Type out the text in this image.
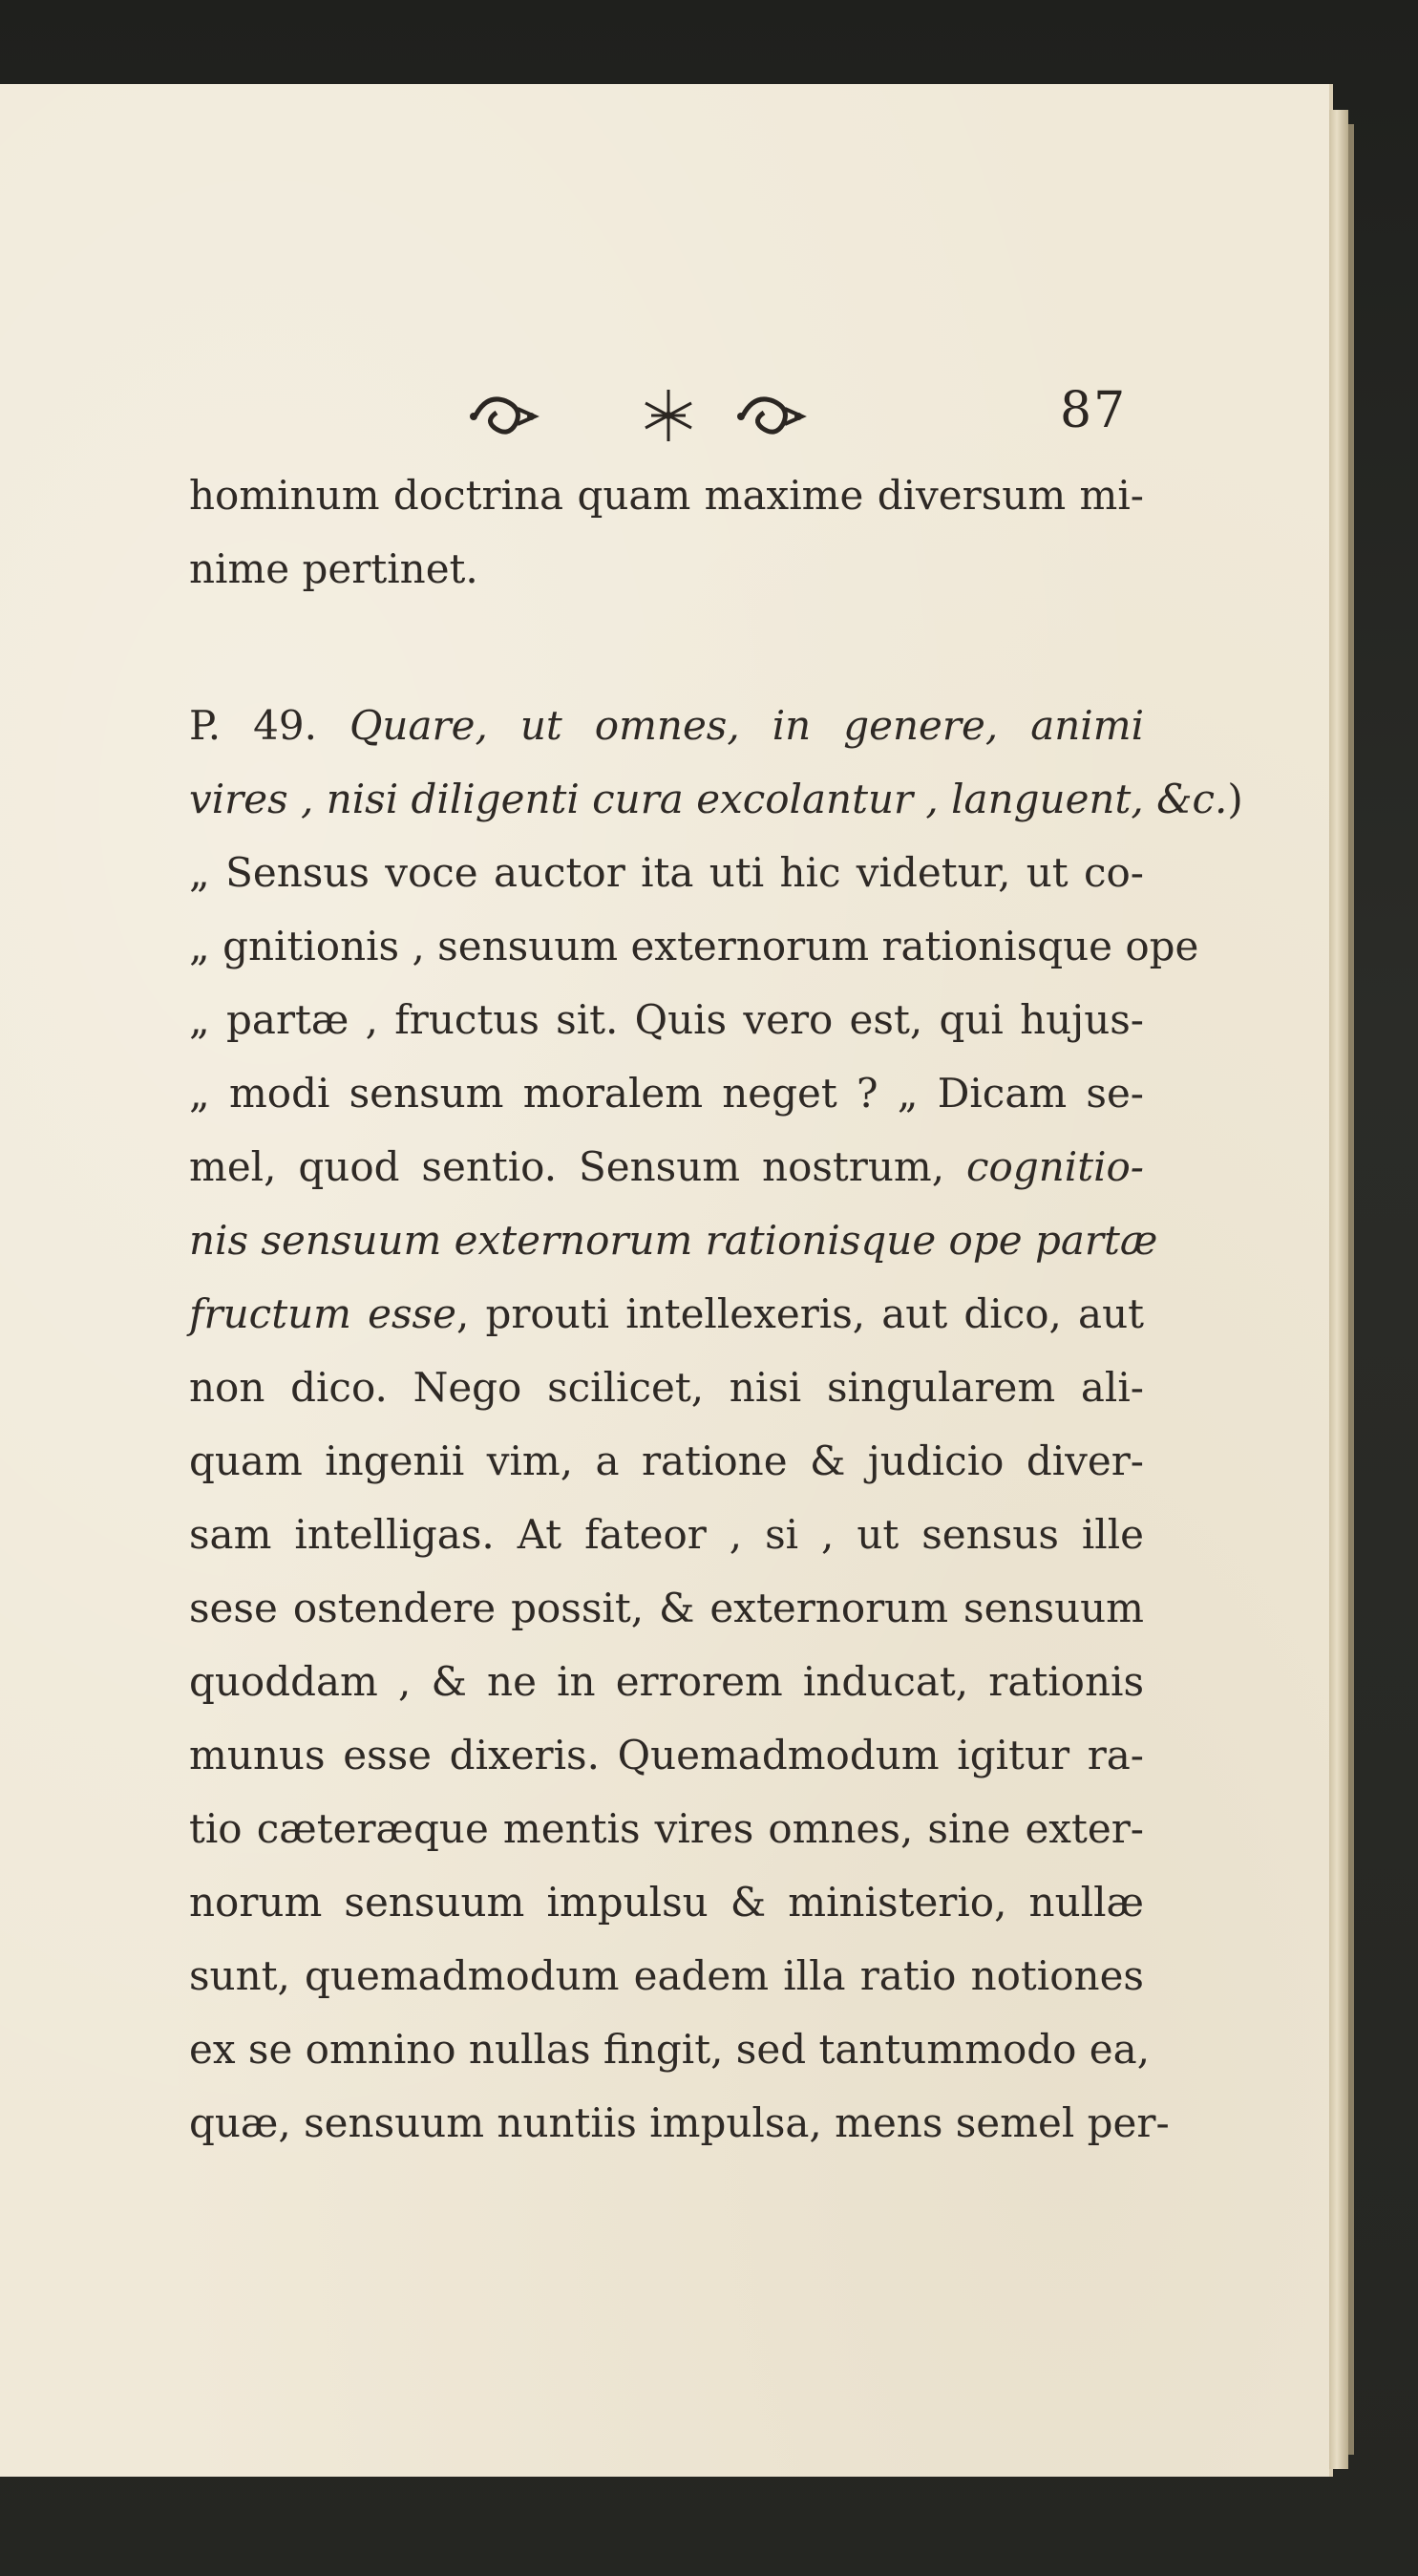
87
hominum doctrina quam maxime diversum mi-
nime pertinet.
P. 49. Quare, ut omnes, in genere, animi
vires , nisi diligenti cura excolantur , languent, &c.)
„ Sensus voce auctor ita uti hic videtur, ut co-
„ gnitionis , sensuum externorum rationisque ope
„ partæ , fructus sit. Quis vero est, qui hujus-
„ modi sensum moralem neget ? „ Dicam se-
mel, quod sentio. Sensum nostrum, cognitio-
nis sensuum externorum rationisque ope partæ
fructum esse, prouti intellexeris, aut dico, aut
non dico. Nego scilicet, nisi singularem ali-
quam ingenii vim, a ratione & judicio diver-
sam intelligas. At fateor , si , ut sensus ille
sese ostendere possit, & externorum sensuum
quoddam , & ne in errorem inducat, rationis
munus esse dixeris. Quemadmodum igitur ra-
tio cæteræque mentis vires omnes, sine exter-
norum sensuum impulsu & ministerio, nullæ
sunt, quemadmodum eadem illa ratio notiones
ex se omnino nullas fingit, sed tantummodo ea,
quæ, sensuum nuntiis impulsa, mens semel per-
